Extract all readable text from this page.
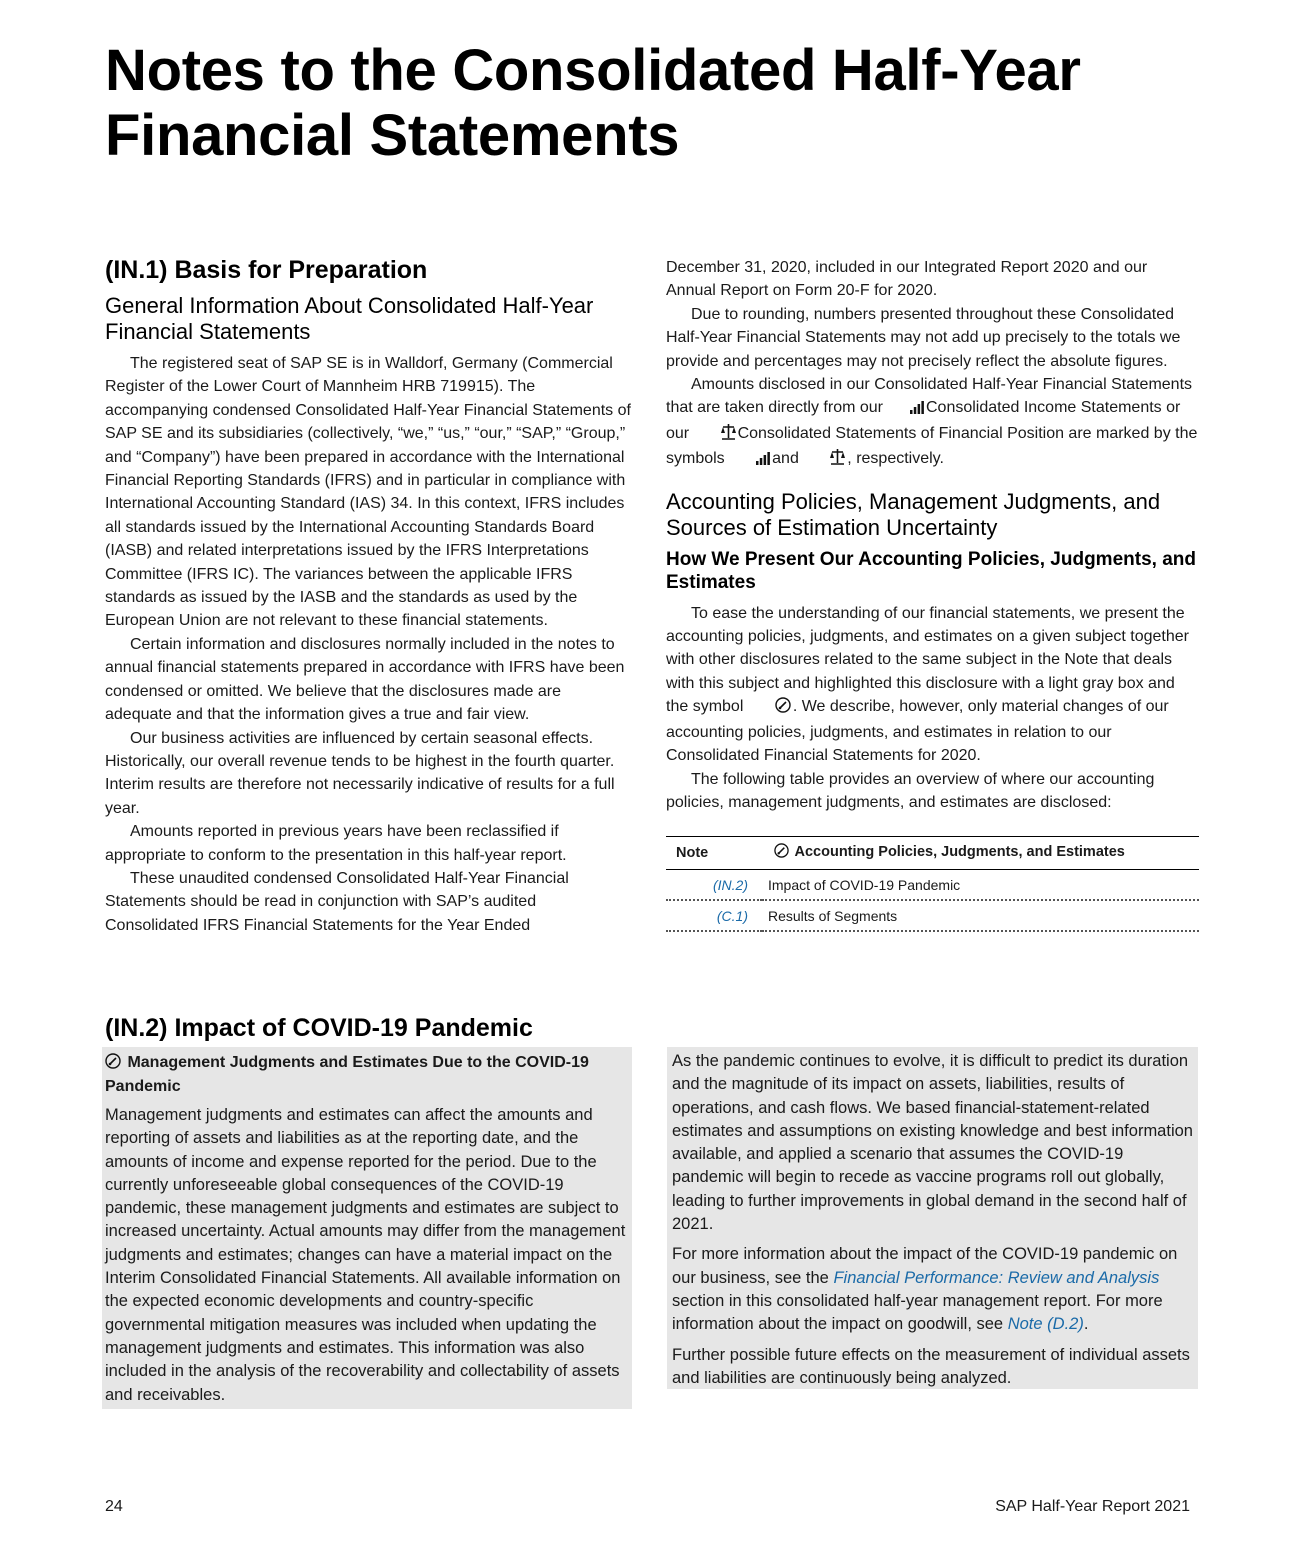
Notes to the Consolidated Half-Year Financial Statements
(IN.1) Basis for Preparation
General Information About Consolidated Half-Year Financial Statements

The registered seat of SAP SE is in Walldorf, Germany (Commercial Register of the Lower Court of Mannheim HRB 719915). The accompanying condensed Consolidated Half-Year Financial Statements of SAP SE and its subsidiaries (collectively, “we,” “us,” “our,” “SAP,” “Group,” and “Company”) have been prepared in accordance with the International Financial Reporting Standards (IFRS) and in particular in compliance with International Accounting Standard (IAS) 34. In this context, IFRS includes all standards issued by the International Accounting Standards Board (IASB) and related interpretations issued by the IFRS Interpretations Committee (IFRS IC). The variances between the applicable IFRS standards as issued by the IASB and the standards as used by the European Union are not relevant to these financial statements.

Certain information and disclosures normally included in the notes to annual financial statements prepared in accordance with IFRS have been condensed or omitted. We believe that the disclosures made are adequate and that the information gives a true and fair view.

Our business activities are influenced by certain seasonal effects. Historically, our overall revenue tends to be highest in the fourth quarter. Interim results are therefore not necessarily indicative of results for a full year.

Amounts reported in previous years have been reclassified if appropriate to conform to the presentation in this half-year report.

These unaudited condensed Consolidated Half-Year Financial Statements should be read in conjunction with SAP’s audited Consolidated IFRS Financial Statements for the Year Ended

December 31, 2020, included in our Integrated Report 2020 and our Annual Report on Form 20-F for 2020.

Due to rounding, numbers presented throughout these Consolidated Half-Year Financial Statements may not add up precisely to the totals we provide and percentages may not precisely reflect the absolute figures.

Amounts disclosed in our Consolidated Half-Year Financial Statements that are taken directly from our	Consolidated Income Statements or our	Consolidated Statements of Financial Position are marked by the symbols	and	, respectively.

Accounting Policies, Management Judgments, and Sources of Estimation Uncertainty
How We Present Our Accounting Policies, Judgments, and Estimates

To ease the understanding of our financial statements, we present the accounting policies, judgments, and estimates on a given subject together with other disclosures related to the same subject in the Note that deals with this subject and highlighted this disclosure with a light gray box and the symbol	. We describe, however, only material changes of our accounting policies, judgments, and estimates in relation to our Consolidated Financial Statements for 2020.

The following table provides an overview of where our accounting policies, management judgments, and estimates are disclosed:

Note	Accounting Policies, Judgments, and Estimates
(IN.2)	Impact of COVID-19 Pandemic
(C.1)	Results of Segments
(IN.2) Impact of COVID-19 Pandemic
Management Judgments and Estimates Due to the COVID-19 Pandemic

Management judgments and estimates can affect the amounts and reporting of assets and liabilities as at the reporting date, and the amounts of income and expense reported for the period. Due to the currently unforeseeable global consequences of the COVID-19 pandemic, these management judgments and estimates are subject to increased uncertainty. Actual amounts may differ from the management judgments and estimates; changes can have a material impact on the Interim Consolidated Financial Statements. All available information on the expected economic developments and country-specific governmental mitigation measures was included when updating the management judgments and estimates. This information was also included in the analysis of the recoverability and collectability of assets and receivables.

As the pandemic continues to evolve, it is difficult to predict its duration and the magnitude of its impact on assets, liabilities, results of operations, and cash flows. We based financial-statement-related estimates and assumptions on existing knowledge and best information available, and applied a scenario that assumes the COVID-19 pandemic will begin to recede as vaccine programs roll out globally, leading to further improvements in global demand in the second half of 2021.

For more information about the impact of the COVID-19 pandemic on our business, see the Financial Performance: Review and Analysis section in this consolidated half-year management report. For more information about the impact on goodwill, see Note (D.2).

Further possible future effects on the measurement of individual assets and liabilities are continuously being analyzed.

24	SAP Half-Year Report 2021
